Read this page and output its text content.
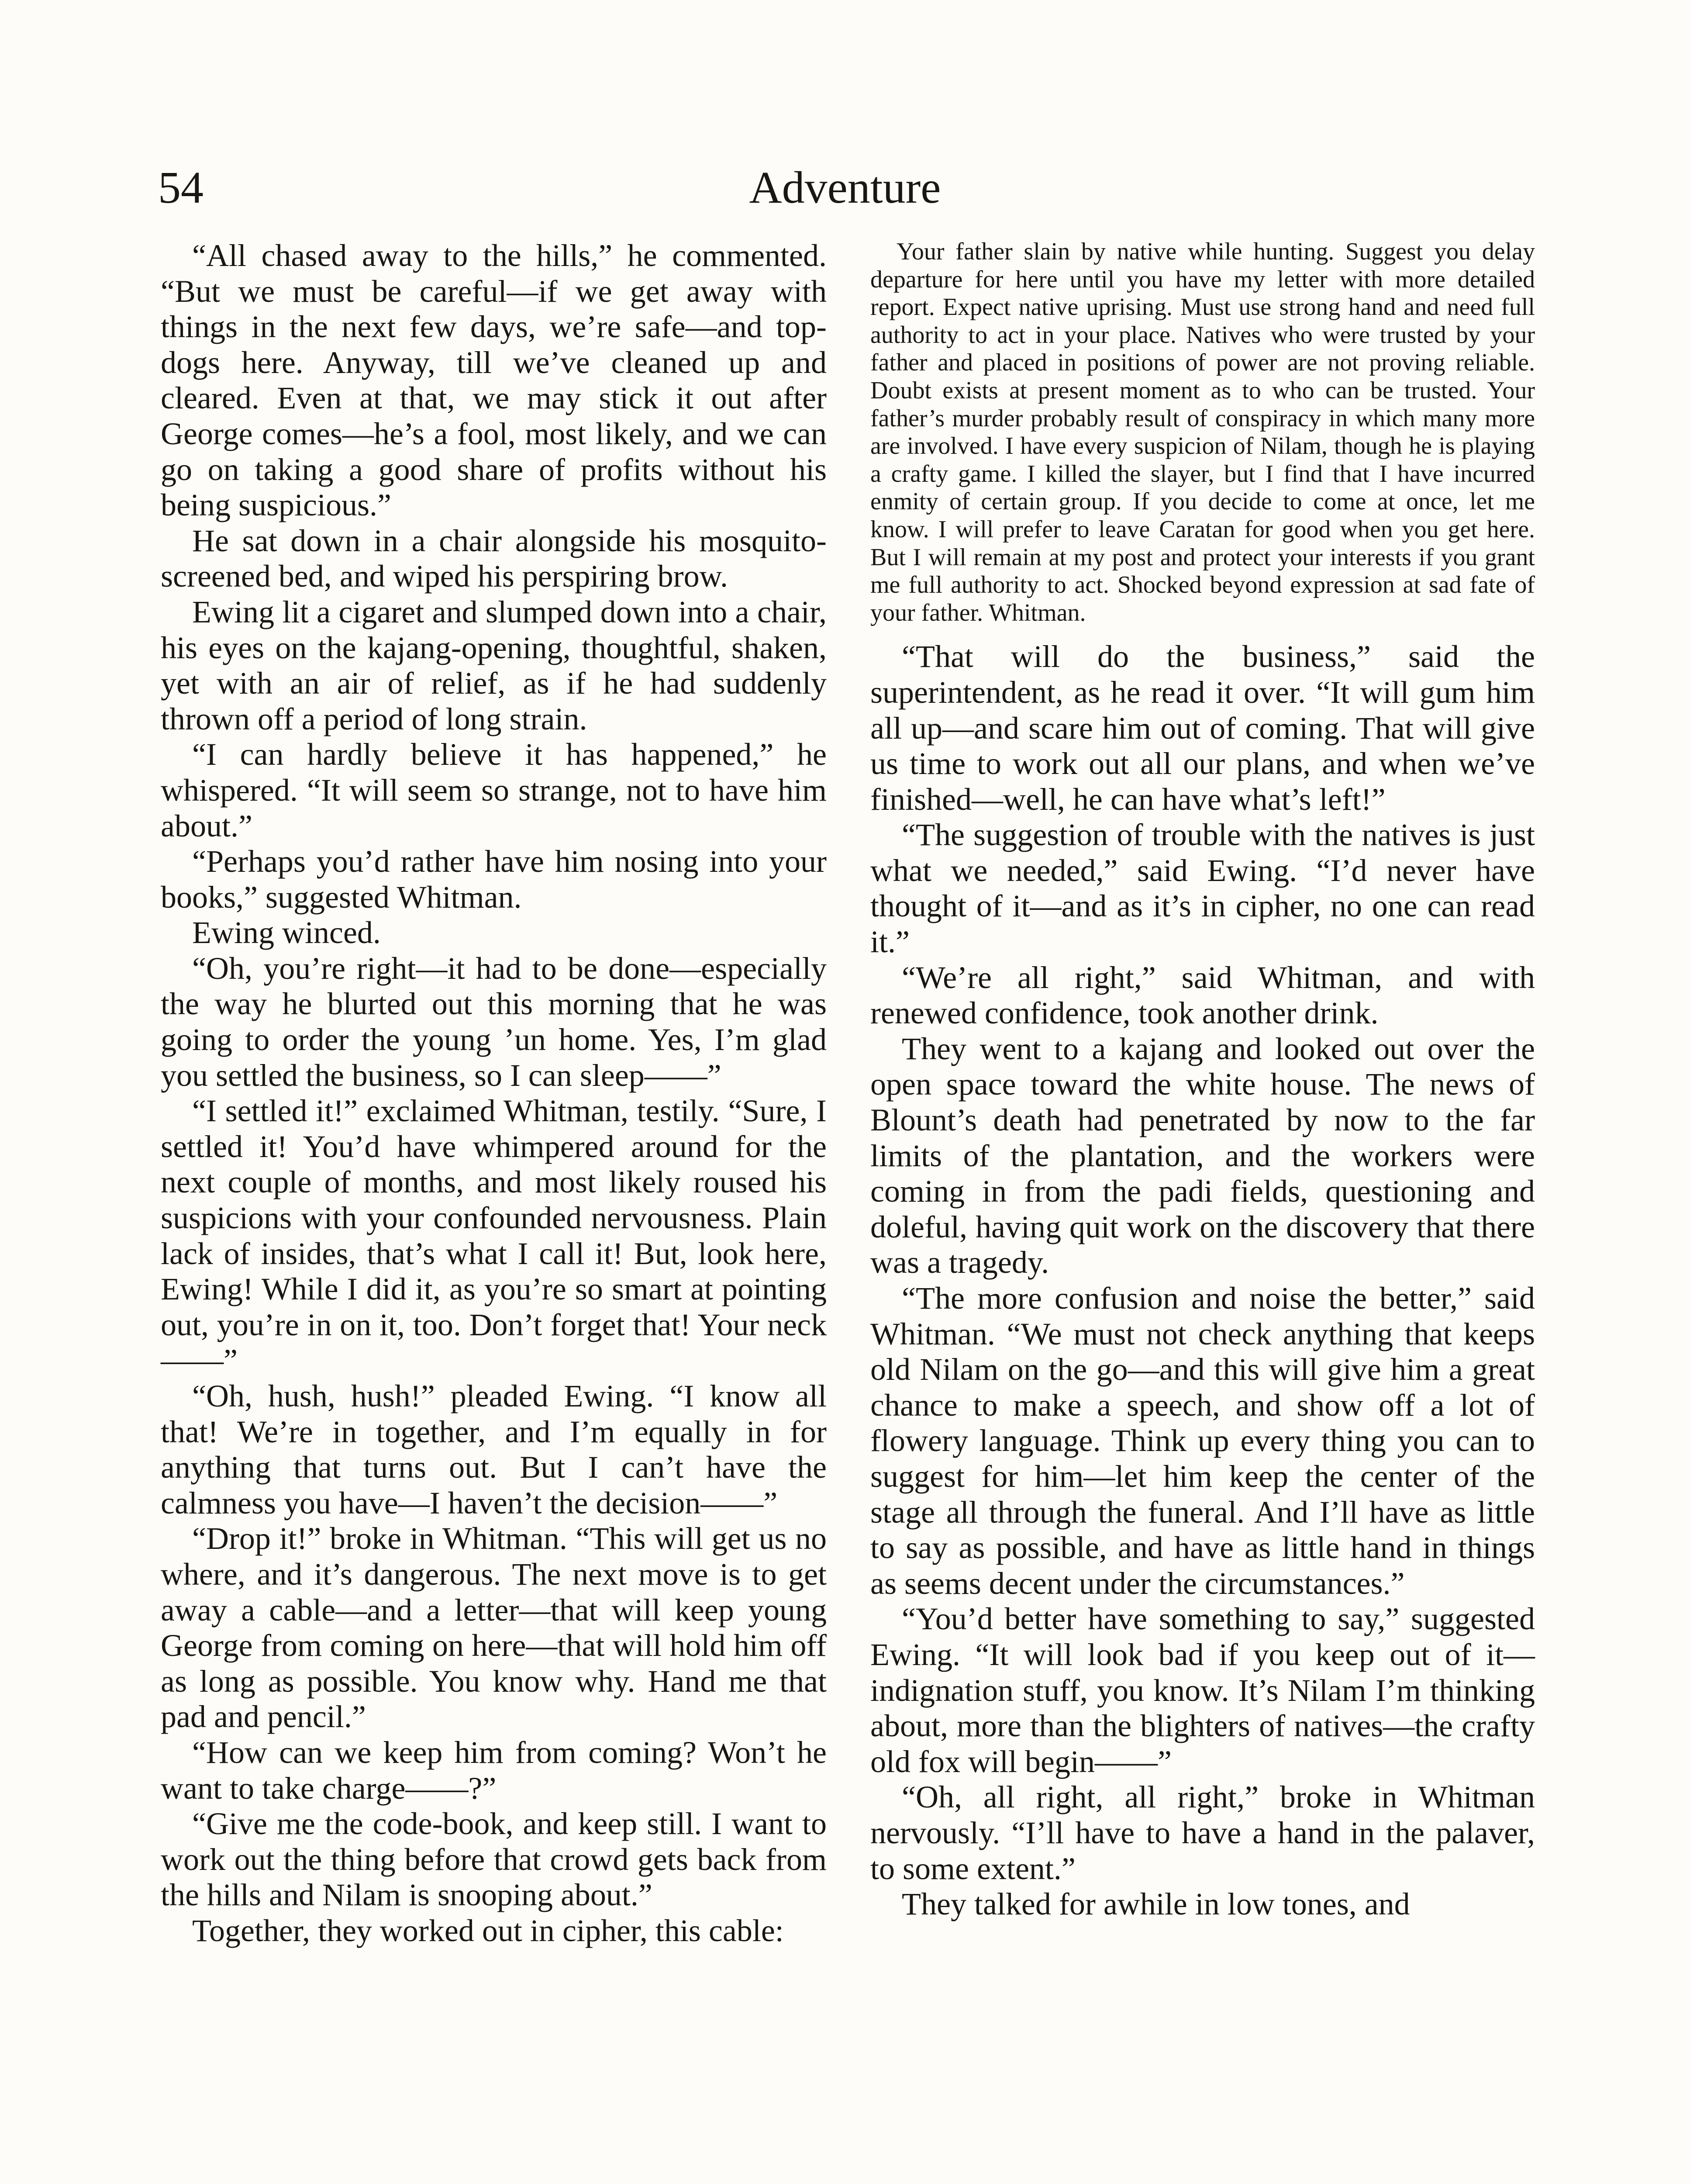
54	Adventure

“All chased away to the hills,” he commented. “But we must be careful—if we get away with things in the next few days, we’re safe—and top-dogs here. Anyway, till we’ve cleaned up and cleared. Even at that, we may stick it out after George comes—he’s a fool, most likely, and we can go on taking a good share of profits without his being suspicious.”

He sat down in a chair alongside his mosquito-screened bed, and wiped his perspiring brow.

Ewing lit a cigaret and slumped down into a chair, his eyes on the kajang-opening, thoughtful, shaken, yet with an air of relief, as if he had suddenly thrown off a period of long strain.

“I can hardly believe it has happened,” he whispered. “It will seem so strange, not to have him about.”

“Perhaps you’d rather have him nosing into your books,” suggested Whitman.

Ewing winced.

“Oh, you’re right—it had to be done—especially the way he blurted out this morning that he was going to order the young ’un home. Yes, I’m glad you settled the business, so I can sleep——”

“I settled it!” exclaimed Whitman, testily. “Sure, I settled it! You’d have whimpered around for the next couple of months, and most likely roused his suspicions with your confounded nervousness. Plain lack of insides, that’s what I call it! But, look here, Ewing! While I did it, as you’re so smart at pointing out, you’re in on it, too. Don’t forget that! Your neck——”

“Oh, hush, hush!” pleaded Ewing. “I know all that! We’re in together, and I’m equally in for anything that turns out. But I can’t have the calmness you have—I haven’t the decision——”

“Drop it!” broke in Whitman. “This will get us no where, and it’s dangerous. The next move is to get away a cable—and a letter—that will keep young George from coming on here—that will hold him off as long as possible. You know why. Hand me that pad and pencil.”

“How can we keep him from coming? Won’t he want to take charge——?”

“Give me the code-book, and keep still. I want to work out the thing before that crowd gets back from the hills and Nilam is snooping about.”

Together, they worked out in cipher, this cable:

Your father slain by native while hunting. Suggest you delay departure for here until you have my letter with more detailed report. Expect native uprising. Must use strong hand and need full authority to act in your place. Natives who were trusted by your father and placed in positions of power are not proving reliable. Doubt exists at present moment as to who can be trusted. Your father’s murder probably result of conspiracy in which many more are involved. I have every suspicion of Nilam, though he is playing a crafty game. I killed the slayer, but I find that I have incurred enmity of certain group. If you decide to come at once, let me know. I will prefer to leave Caratan for good when you get here. But I will remain at my post and protect your interests if you grant me full authority to act. Shocked beyond expression at sad fate of your father. Whitman.

“That will do the business,” said the superintendent, as he read it over. “It will gum him all up—and scare him out of coming. That will give us time to work out all our plans, and when we’ve finished—well, he can have what’s left!”

“The suggestion of trouble with the natives is just what we needed,” said Ewing. “I’d never have thought of it—and as it’s in cipher, no one can read it.”

“We’re all right,” said Whitman, and with renewed confidence, took another drink.

They went to a kajang and looked out over the open space toward the white house. The news of Blount’s death had penetrated by now to the far limits of the plantation, and the workers were coming in from the padi fields, questioning and doleful, having quit work on the discovery that there was a tragedy.

“The more confusion and noise the better,” said Whitman. “We must not check anything that keeps old Nilam on the go—and this will give him a great chance to make a speech, and show off a lot of flowery language. Think up every thing you can to suggest for him—let him keep the center of the stage all through the funeral. And I’ll have as little to say as possible, and have as little hand in things as seems decent under the circumstances.”

“You’d better have something to say,” suggested Ewing. “It will look bad if you keep out of it—indignation stuff, you know. It’s Nilam I’m thinking about, more than the blighters of natives—the crafty old fox will begin——”

“Oh, all right, all right,” broke in Whitman nervously. “I’ll have to have a hand in the palaver, to some extent.”

They talked for awhile in low tones, and
